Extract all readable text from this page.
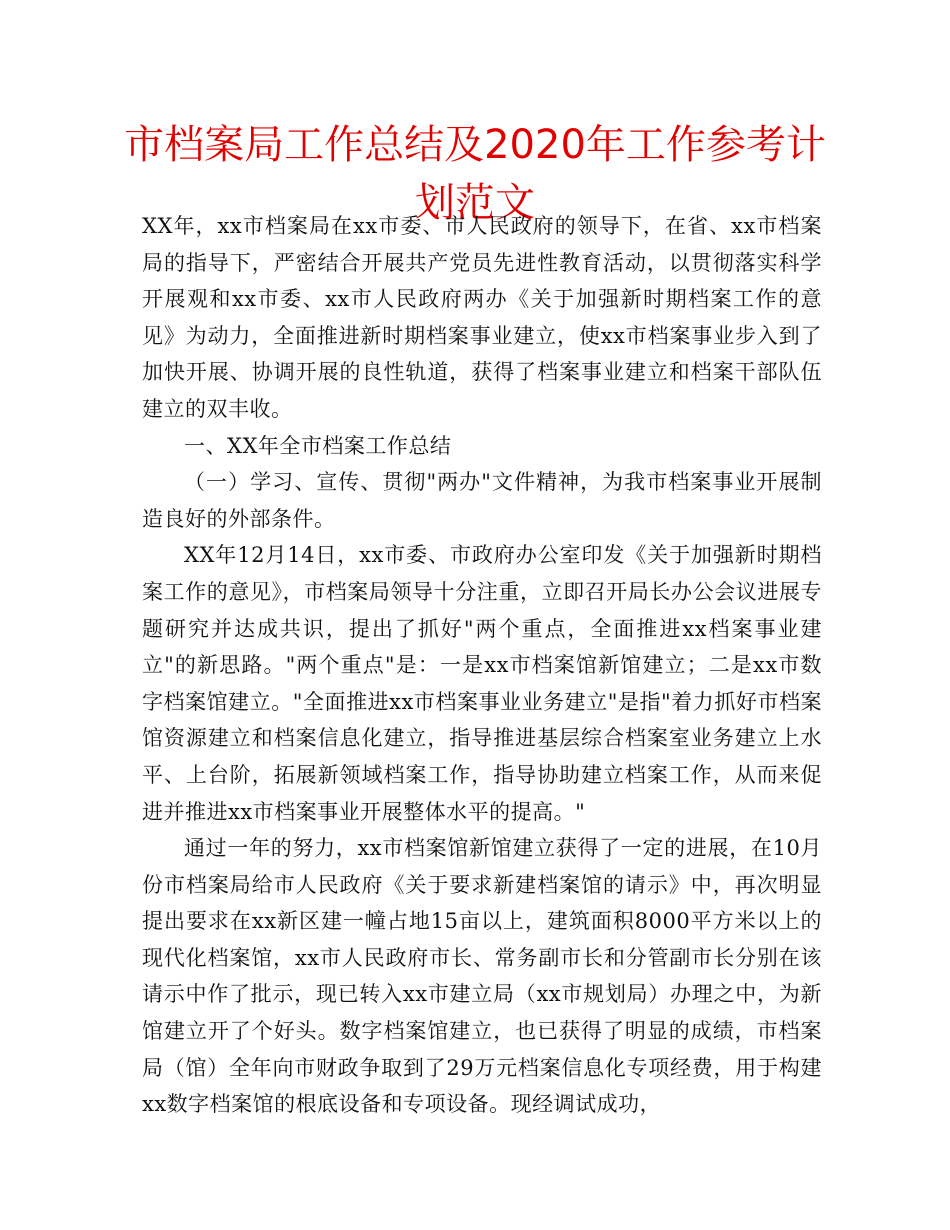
市档案局工作总结及2020年工作参考计划范文

XX年，xx市档案局在xx市委、市人民政府的领导下，在省、xx市档案局的指导下，严密结合开展共产党员先进性教育活动，以贯彻落实科学开展观和xx市委、xx市人民政府两办《关于加强新时期档案工作的意见》为动力，全面推进新时期档案事业建立，使xx市档案事业步入到了加快开展、协调开展的良性轨道，获得了档案事业建立和档案干部队伍建立的双丰收。

一、XX年全市档案工作总结

（一）学习、宣传、贯彻"两办"文件精神，为我市档案事业开展制造良好的外部条件。

XX年12月14日，xx市委、市政府办公室印发《关于加强新时期档案工作的意见》，市档案局领导十分注重，立即召开局长办公会议进展专题研究并达成共识，提出了抓好"两个重点，全面推进xx档案事业建立"的新思路。"两个重点"是：一是xx市档案馆新馆建立；二是xx市数字档案馆建立。"全面推进xx市档案事业业务建立"是指"着力抓好市档案馆资源建立和档案信息化建立，指导推进基层综合档案室业务建立上水平、上台阶，拓展新领域档案工作，指导协助建立档案工作，从而来促进并推进xx市档案事业开展整体水平的提高。"

通过一年的努力，xx市档案馆新馆建立获得了一定的进展，在10月份市档案局给市人民政府《关于要求新建档案馆的请示》中，再次明显提出要求在xx新区建一幢占地15亩以上，建筑面积8000平方米以上的现代化档案馆，xx市人民政府市长、常务副市长和分管副市长分别在该请示中作了批示，现已转入xx市建立局（xx市规划局）办理之中，为新馆建立开了个好头。数字档案馆建立，也已获得了明显的成绩，市档案局（馆）全年向市财政争取到了29万元档案信息化专项经费，用于构建xx数字档案馆的根底设备和专项设备。现经调试成功，
